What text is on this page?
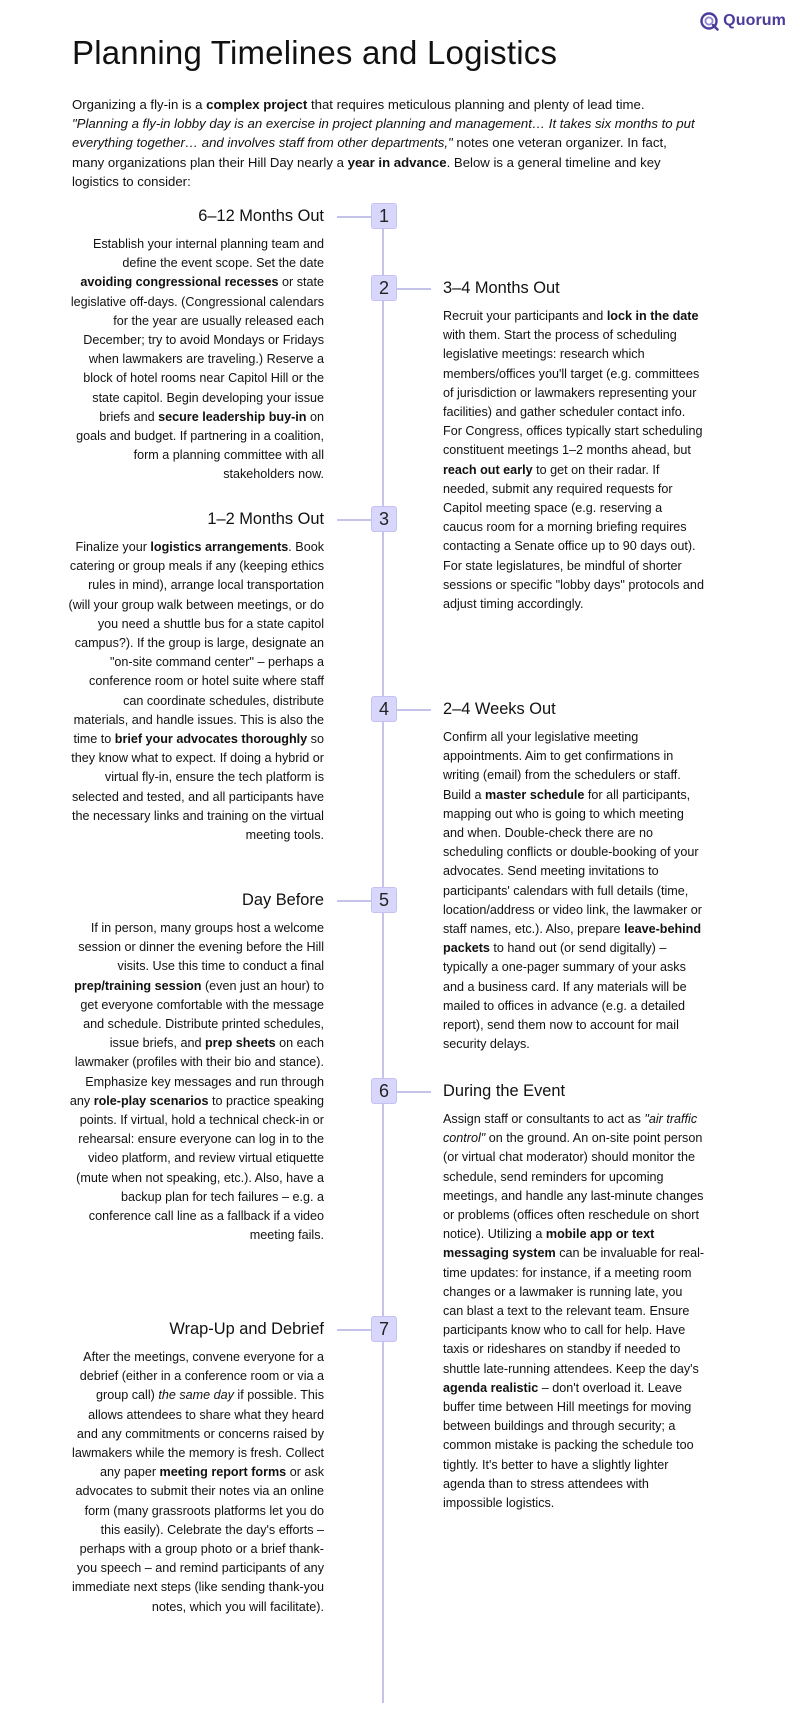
Quorum
Planning Timelines and Logistics

Organizing a fly-in is a complex project that requires meticulous planning and plenty of lead time. "Planning a fly-in lobby day is an exercise in project planning and management… It takes six months to put everything together… and involves staff from other departments," notes one veteran organizer. In fact, many organizations plan their Hill Day nearly a year in advance. Below is a general timeline and key logistics to consider:

1
6–12 Months Out

Establish your internal planning team and define the event scope. Set the date avoiding congressional recesses or state legislative off-days. (Congressional calendars for the year are usually released each December; try to avoid Mondays or Fridays when lawmakers are traveling.) Reserve a block of hotel rooms near Capitol Hill or the state capitol. Begin developing your issue briefs and secure leadership buy-in on goals and budget. If partnering in a coalition, form a planning committee with all stakeholders now.

2	3–4 Months Out

Recruit your participants and lock in the date with them. Start the process of scheduling legislative meetings: research which members/offices you'll target (e.g. committees of jurisdiction or lawmakers representing your facilities) and gather scheduler contact info. For Congress, offices typically start scheduling constituent meetings 1–2 months ahead, but reach out early to get on their radar. If needed, submit any required requests for Capitol meeting space (e.g. reserving a caucus room for a morning briefing requires contacting a Senate office up to 90 days out). For state legislatures, be mindful of shorter sessions or specific "lobby days" protocols and adjust timing accordingly.

3
1–2 Months Out

Finalize your logistics arrangements. Book catering or group meals if any (keeping ethics rules in mind), arrange local transportation (will your group walk between meetings, or do you need a shuttle bus for a state capitol campus?). If the group is large, designate an "on-site command center" – perhaps a conference room or hotel suite where staff can coordinate schedules, distribute materials, and handle issues. This is also the time to brief your advocates thoroughly so they know what to expect. If doing a hybrid or virtual fly-in, ensure the tech platform is selected and tested, and all participants have the necessary links and training on the virtual meeting tools.

4	2–4 Weeks Out

Confirm all your legislative meeting appointments. Aim to get confirmations in writing (email) from the schedulers or staff. Build a master schedule for all participants, mapping out who is going to which meeting and when. Double-check there are no scheduling conflicts or double-booking of your advocates. Send meeting invitations to participants' calendars with full details (time, location/address or video link, the lawmaker or staff names, etc.). Also, prepare leave-behind packets to hand out (or send digitally) – typically a one-pager summary of your asks and a business card. If any materials will be mailed to offices in advance (e.g. a detailed report), send them now to account for mail security delays.

5
Day Before

If in person, many groups host a welcome session or dinner the evening before the Hill visits. Use this time to conduct a final prep/training session (even just an hour) to get everyone comfortable with the message and schedule. Distribute printed schedules, issue briefs, and prep sheets on each lawmaker (profiles with their bio and stance). Emphasize key messages and run through any role-play scenarios to practice speaking points. If virtual, hold a technical check-in or rehearsal: ensure everyone can log in to the video platform, and review virtual etiquette (mute when not speaking, etc.). Also, have a backup plan for tech failures – e.g. a conference call line as a fallback if a video meeting fails.

6	During the Event

Assign staff or consultants to act as "air traffic control" on the ground. An on-site point person (or virtual chat moderator) should monitor the schedule, send reminders for upcoming meetings, and handle any last-minute changes or problems (offices often reschedule on short notice). Utilizing a mobile app or text messaging system can be invaluable for real-time updates: for instance, if a meeting room changes or a lawmaker is running late, you can blast a text to the relevant team. Ensure participants know who to call for help. Have taxis or rideshares on standby if needed to shuttle late-running attendees. Keep the day's agenda realistic – don't overload it. Leave buffer time between Hill meetings for moving between buildings and through security; a common mistake is packing the schedule too tightly. It's better to have a slightly lighter agenda than to stress attendees with impossible logistics.

7
Wrap-Up and Debrief

After the meetings, convene everyone for a debrief (either in a conference room or via a group call) the same day if possible. This allows attendees to share what they heard and any commitments or concerns raised by lawmakers while the memory is fresh. Collect any paper meeting report forms or ask advocates to submit their notes via an online form (many grassroots platforms let you do this easily). Celebrate the day's efforts – perhaps with a group photo or a brief thank-you speech – and remind participants of any immediate next steps (like sending thank-you notes, which you will facilitate).
